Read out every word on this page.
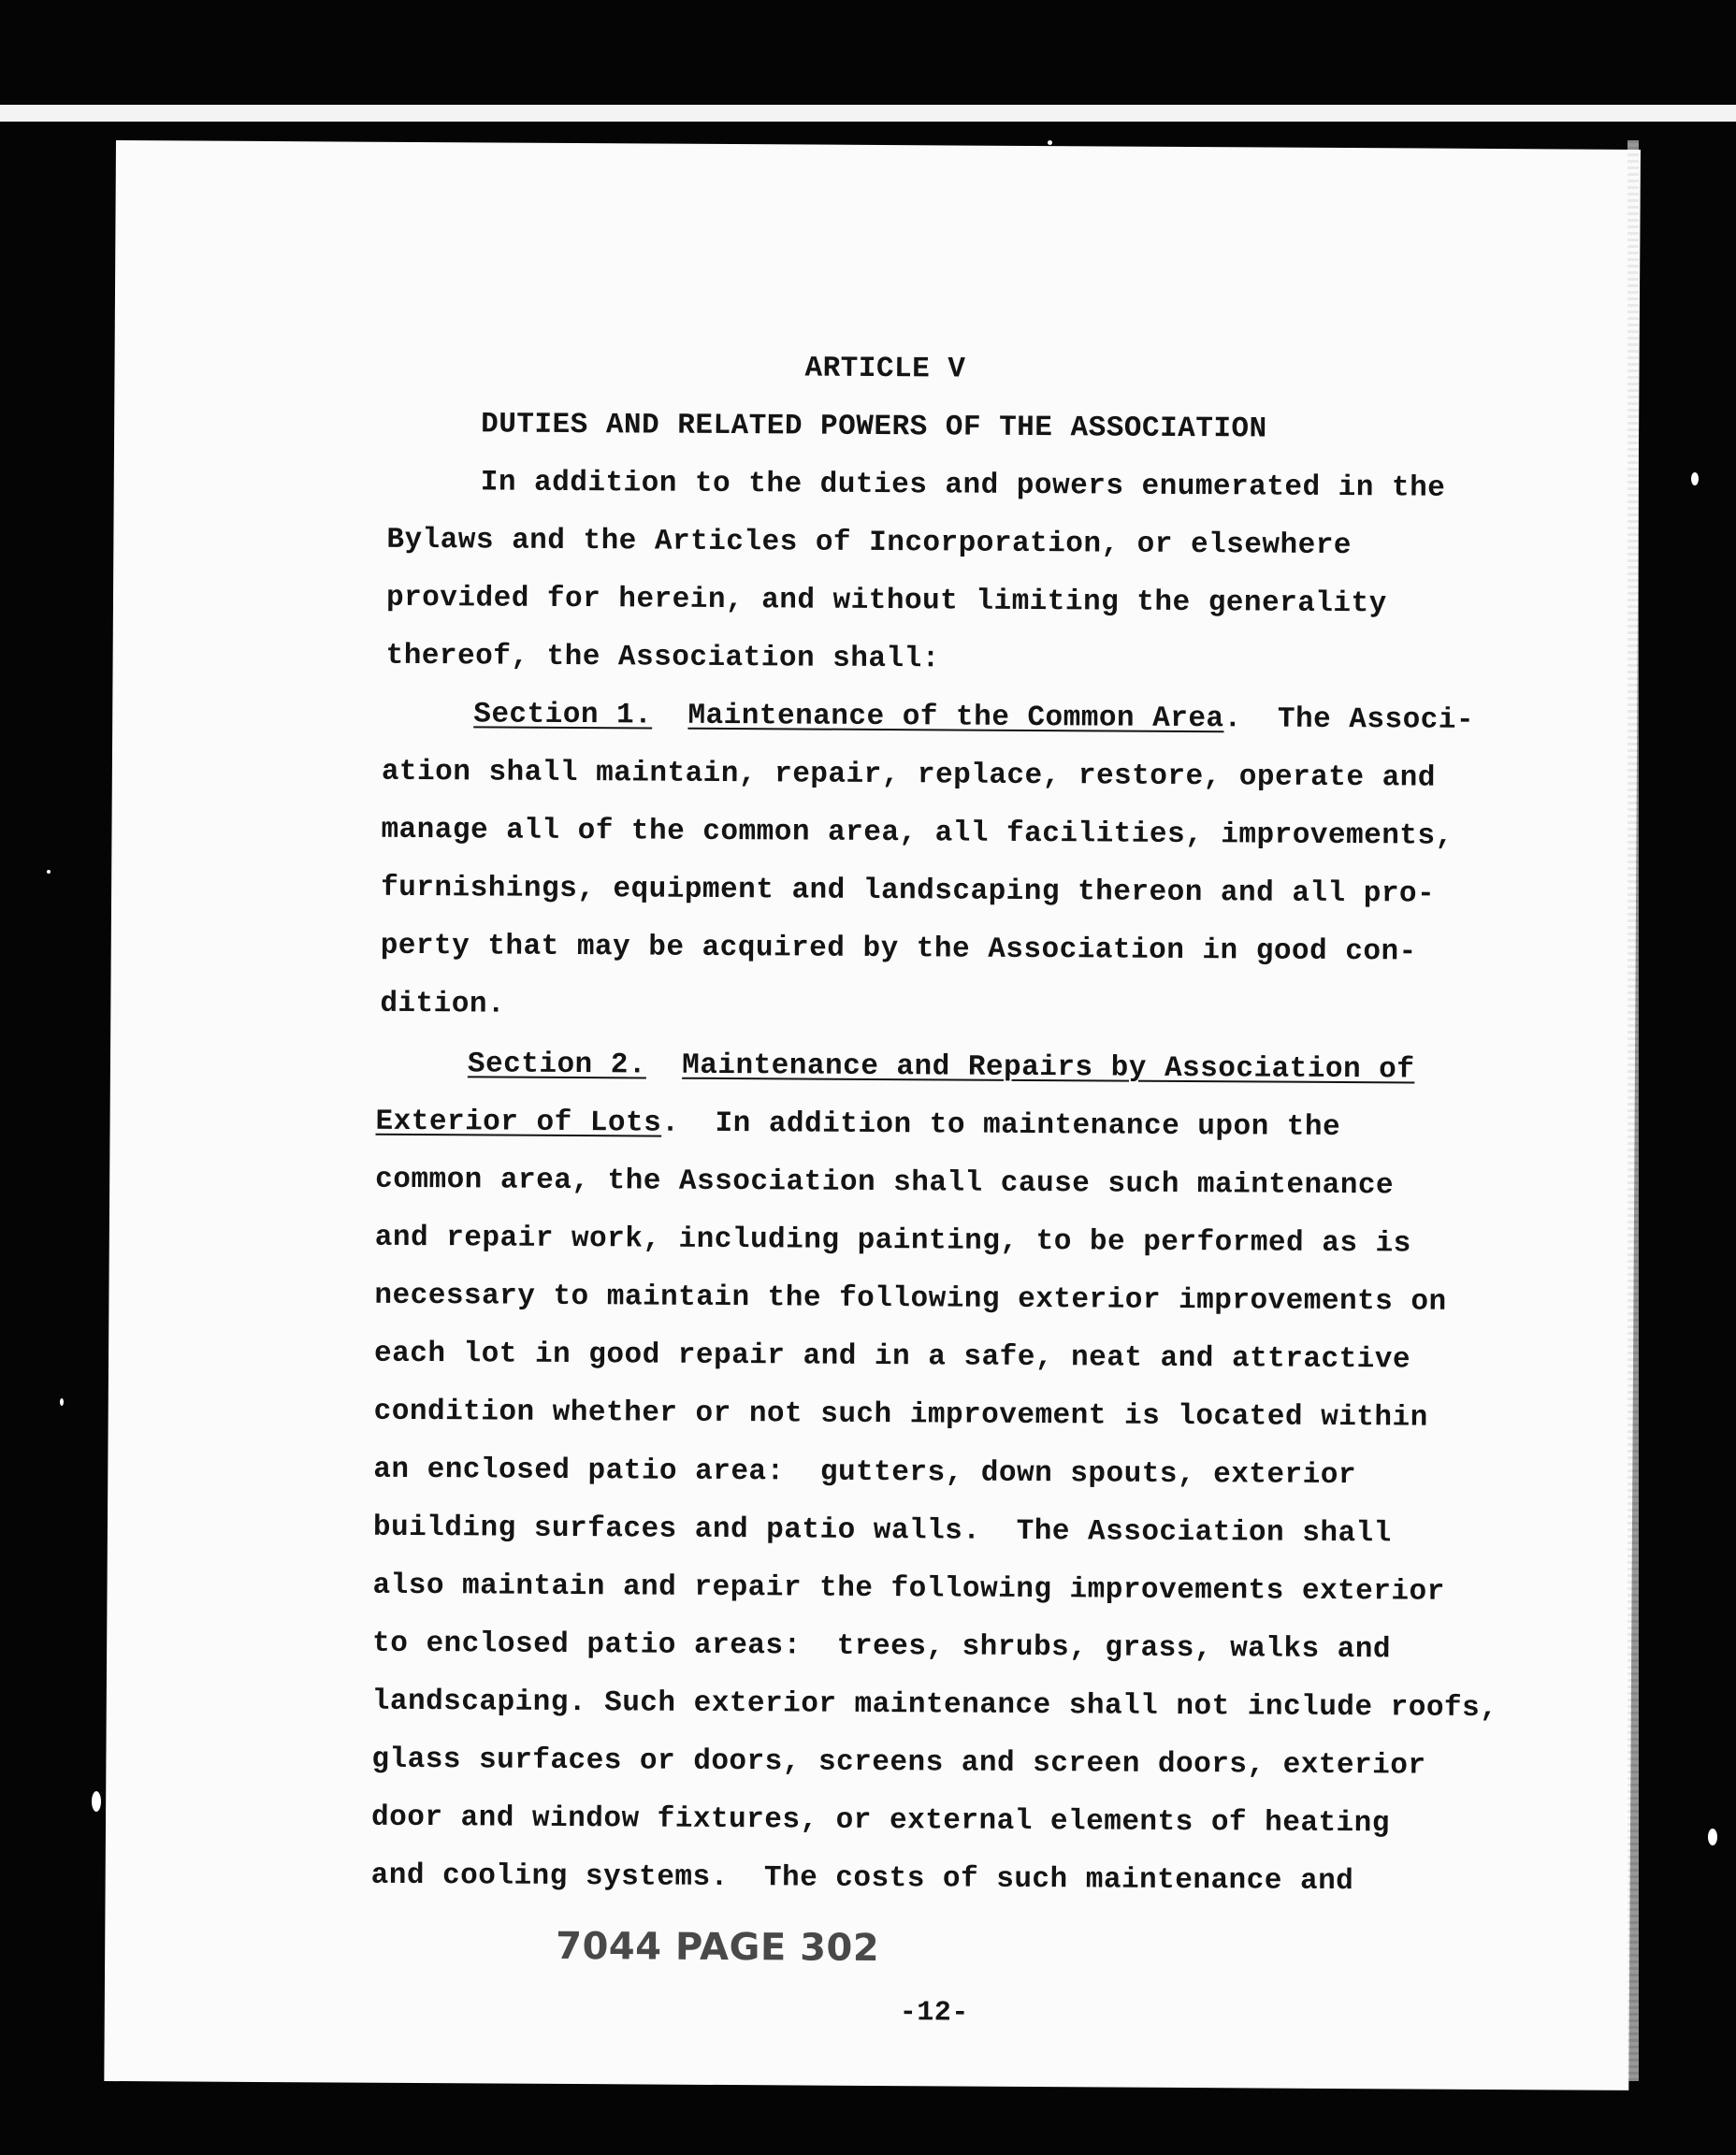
ARTICLE V
DUTIES AND RELATED POWERS OF THE ASSOCIATION
In addition to the duties and powers enumerated in the
Bylaws and the Articles of Incorporation, or elsewhere
provided for herein, and without limiting the generality
thereof, the Association shall:
Section 1. Maintenance of the Common Area.  The Associ-
ation shall maintain, repair, replace, restore, operate and
manage all of the common area, all facilities, improvements,
furnishings, equipment and landscaping thereon and all pro-
perty that may be acquired by the Association in good con-
dition.
Section 2. Maintenance and Repairs by Association of
Exterior of Lots.  In addition to maintenance upon the
common area, the Association shall cause such maintenance
and repair work, including painting, to be performed as is
necessary to maintain the following exterior improvements on
each lot in good repair and in a safe, neat and attractive
condition whether or not such improvement is located within
an enclosed patio area:  gutters, down spouts, exterior
building surfaces and patio walls.  The Association shall
also maintain and repair the following improvements exterior
to enclosed patio areas:  trees, shrubs, grass, walks and
landscaping. Such exterior maintenance shall not include roofs,
glass surfaces or doors, screens and screen doors, exterior
door and window fixtures, or external elements of heating
and cooling systems.  The costs of such maintenance and
7044 PAGE 302
-12-
